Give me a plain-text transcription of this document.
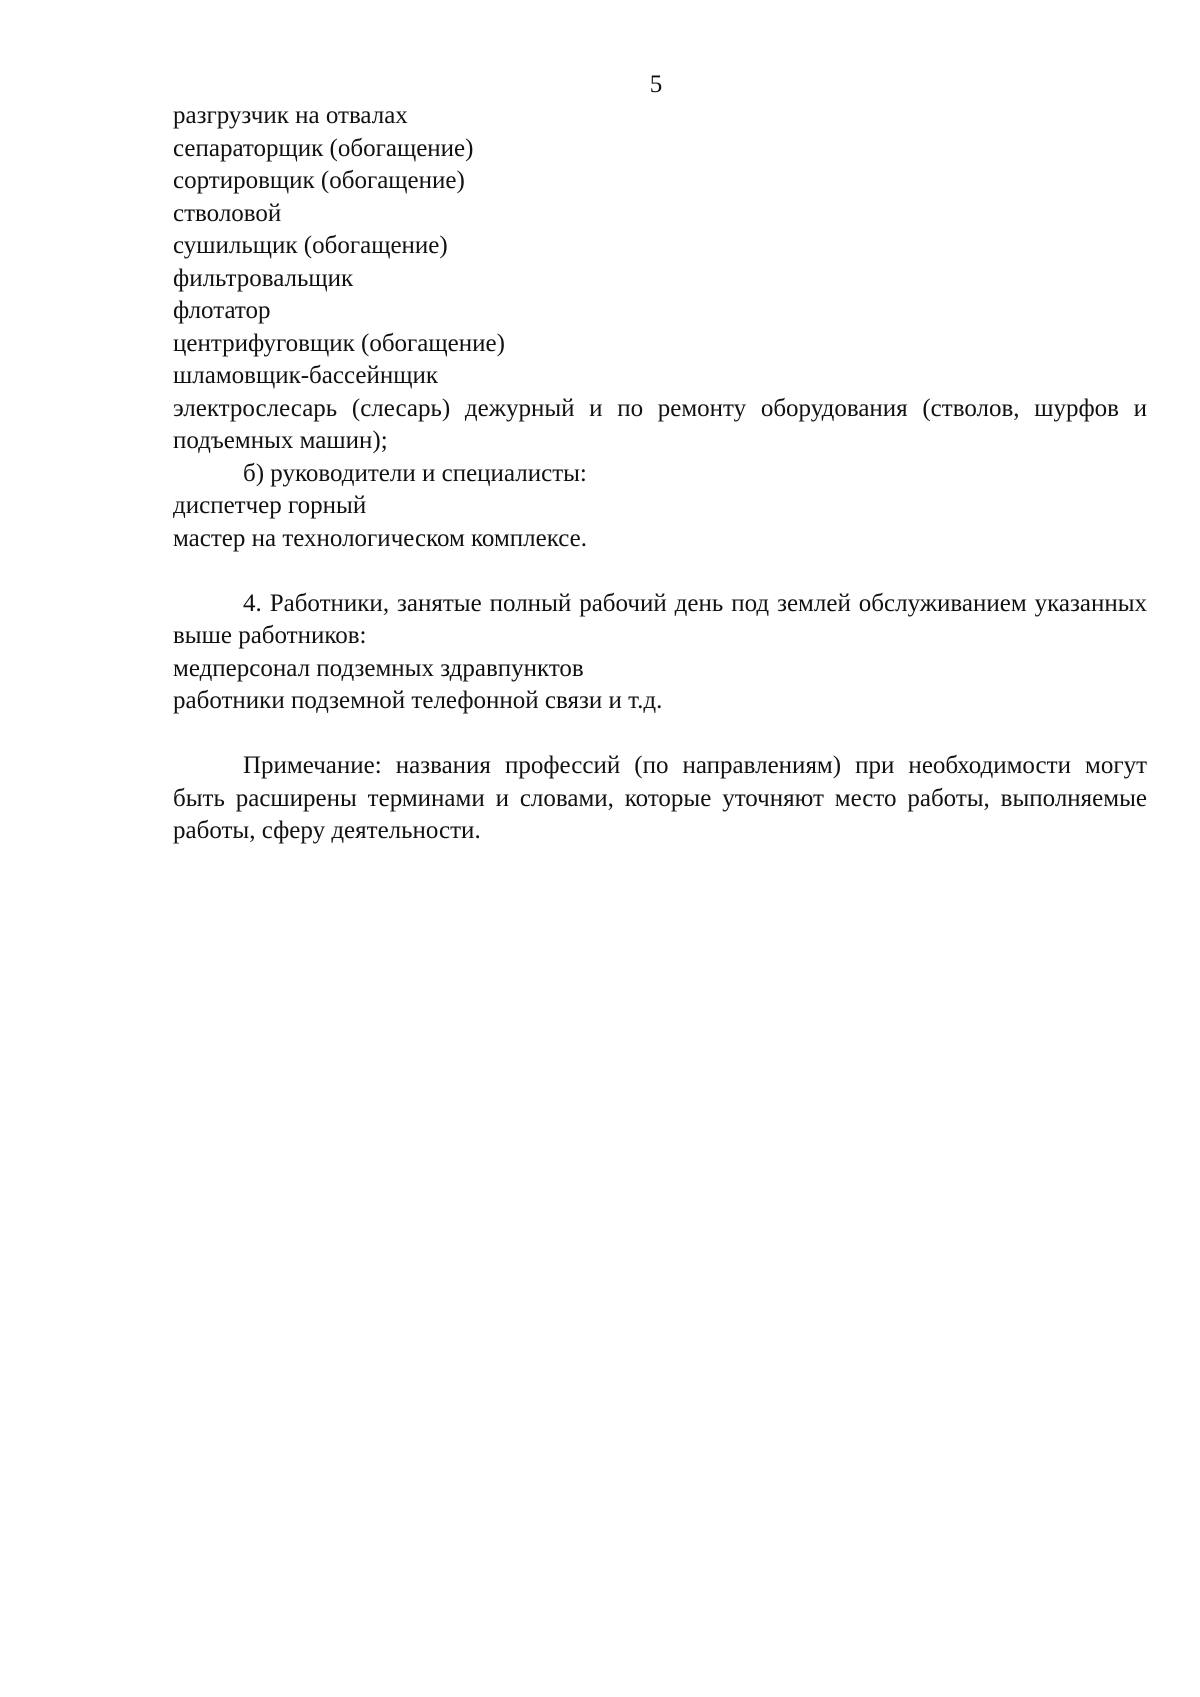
5
разгрузчик на отвалах
сепараторщик (обогащение)
сортировщик (обогащение)
стволовой
сушильщик (обогащение)
фильтровальщик
флотатор
центрифуговщик (обогащение)
шламовщик-бассейнщик
электрослесарь (слесарь) дежурный и по ремонту оборудования (стволов, шурфов и подъемных машин);
б) руководители и специалисты:
диспетчер горный
мастер на технологическом комплексе.
4. Работники, занятые полный рабочий день под землей обслуживанием указанных выше работников:
медперсонал подземных здравпунктов
работники подземной телефонной связи и т.д.
Примечание: названия профессий (по направлениям) при необходимости могут быть расширены терминами и словами, которые уточняют место работы, выполняемые работы, сферу деятельности.
